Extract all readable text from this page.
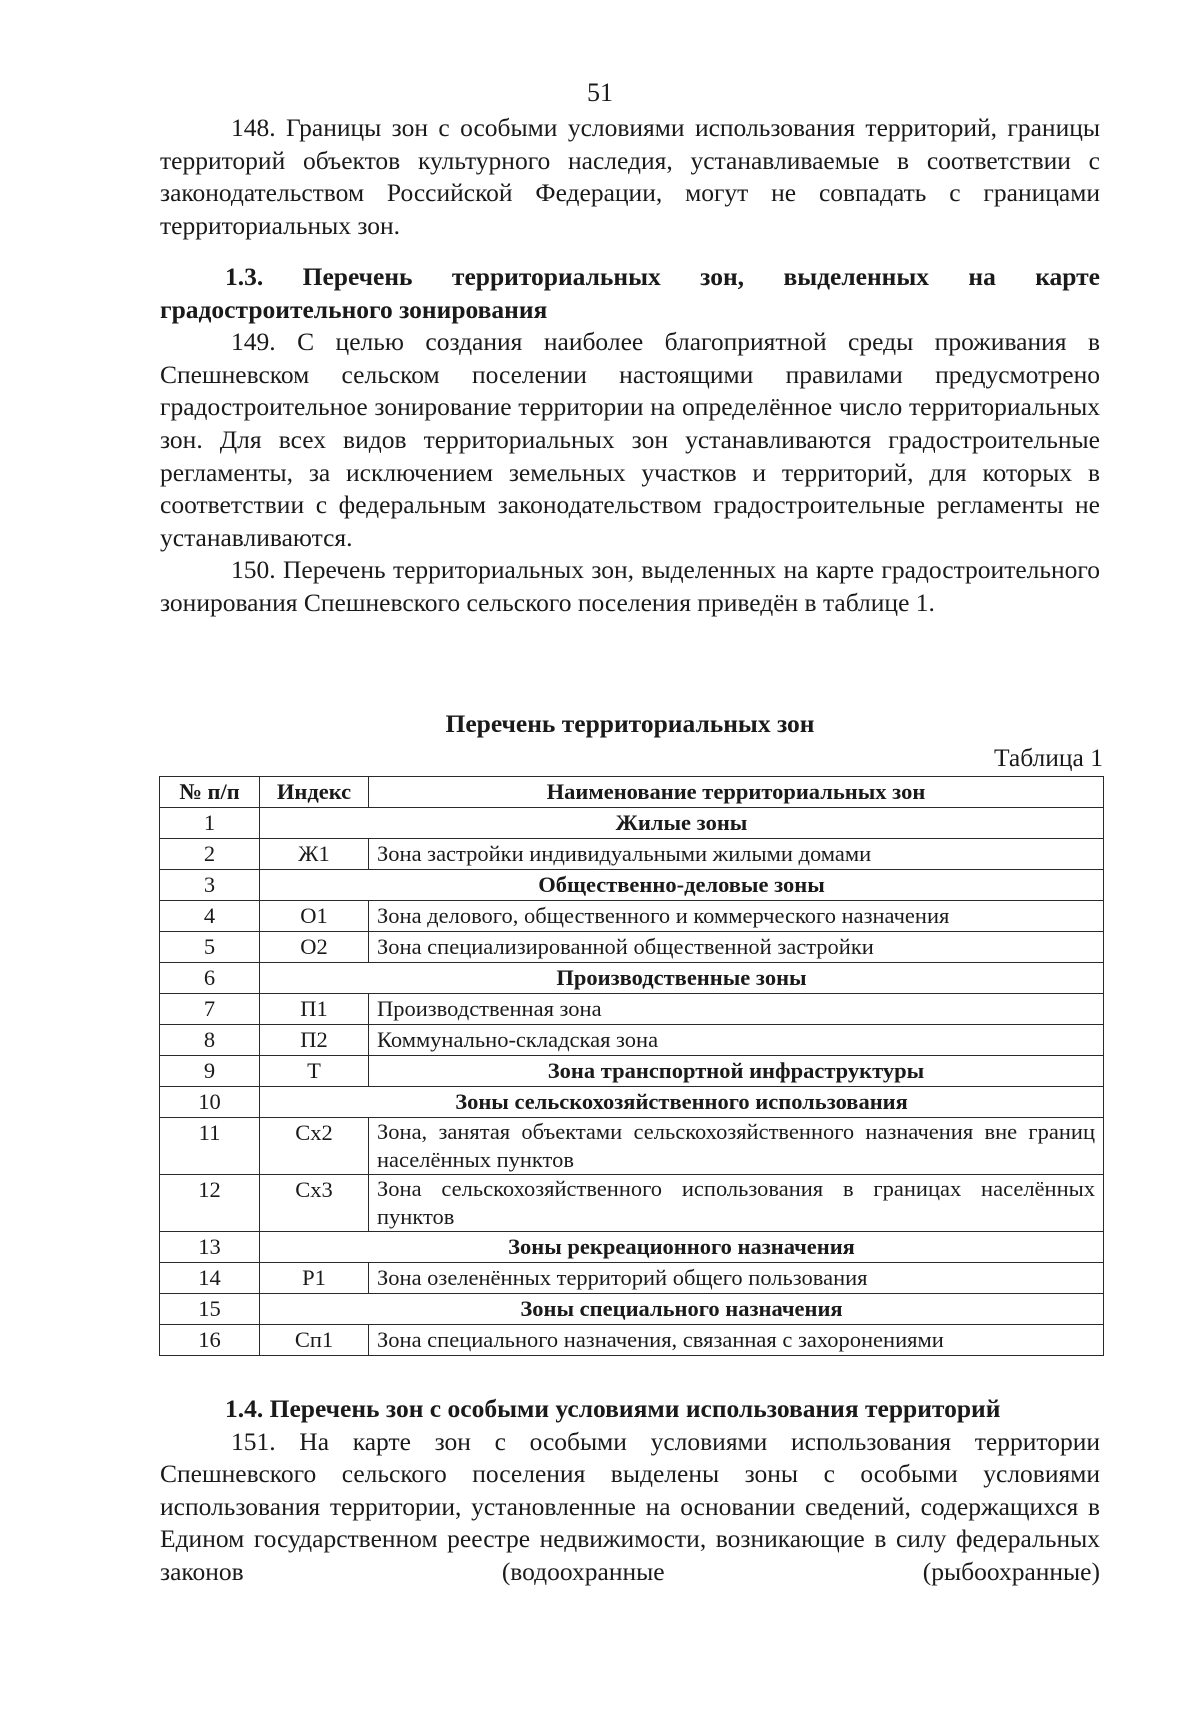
51

148. Границы зон с особыми условиями использования территорий, границы территорий объектов культурного наследия, устанавливаемые в соответствии с законодательством Российской Федерации, могут не совпадать с границами территориальных зон.

1.3. Перечень территориальных зон, выделенных на карте градостроительного зонирования

149. С целью создания наиболее благоприятной среды проживания в Спешневском сельском поселении настоящими правилами предусмотрено градостроительное зонирование территории на определённое число территориальных зон. Для всех видов территориальных зон устанавливаются градостроительные регламенты, за исключением земельных участков и территорий, для которых в соответствии с федеральным законодательством градостроительные регламенты не устанавливаются.

150. Перечень территориальных зон, выделенных на карте градостроительного зонирования Спешневского сельского поселения приведён в таблице 1.

Перечень территориальных зон
Таблица 1
№ п/п	Индекс	Наименование территориальных зон
1	Жилые зоны	
2	Ж1	Зона застройки индивидуальными жилыми домами
3	Общественно-деловые зоны	
4	О1	Зона делового, общественного и коммерческого назначения
5	О2	Зона специализированной общественной застройки
6	Производственные зоны	
7	П1	Производственная зона
8	П2	Коммунально-складская зона
9	Т	Зона транспортной инфраструктуры
10	Зоны сельскохозяйственного использования	
11	Сх2	Зона, занятая объектами сельскохозяйственного назначения вне границ населённых пунктов
12	Сх3	Зона сельскохозяйственного использования в границах населённых пунктов
13	Зоны рекреационного назначения	
14	Р1	Зона озеленённых территорий общего пользования
15	Зоны специального назначения	
16	Сп1	Зона специального назначения, связанная с захоронениями

1.4. Перечень зон с особыми условиями использования территорий

151. На карте зон с особыми условиями использования территории Спешневского сельского поселения выделены зоны с особыми условиями использования территории, установленные на основании сведений, содержащихся в Едином государственном реестре недвижимости, возникающие в силу федеральных законов (водоохранные (рыбоохранные)
